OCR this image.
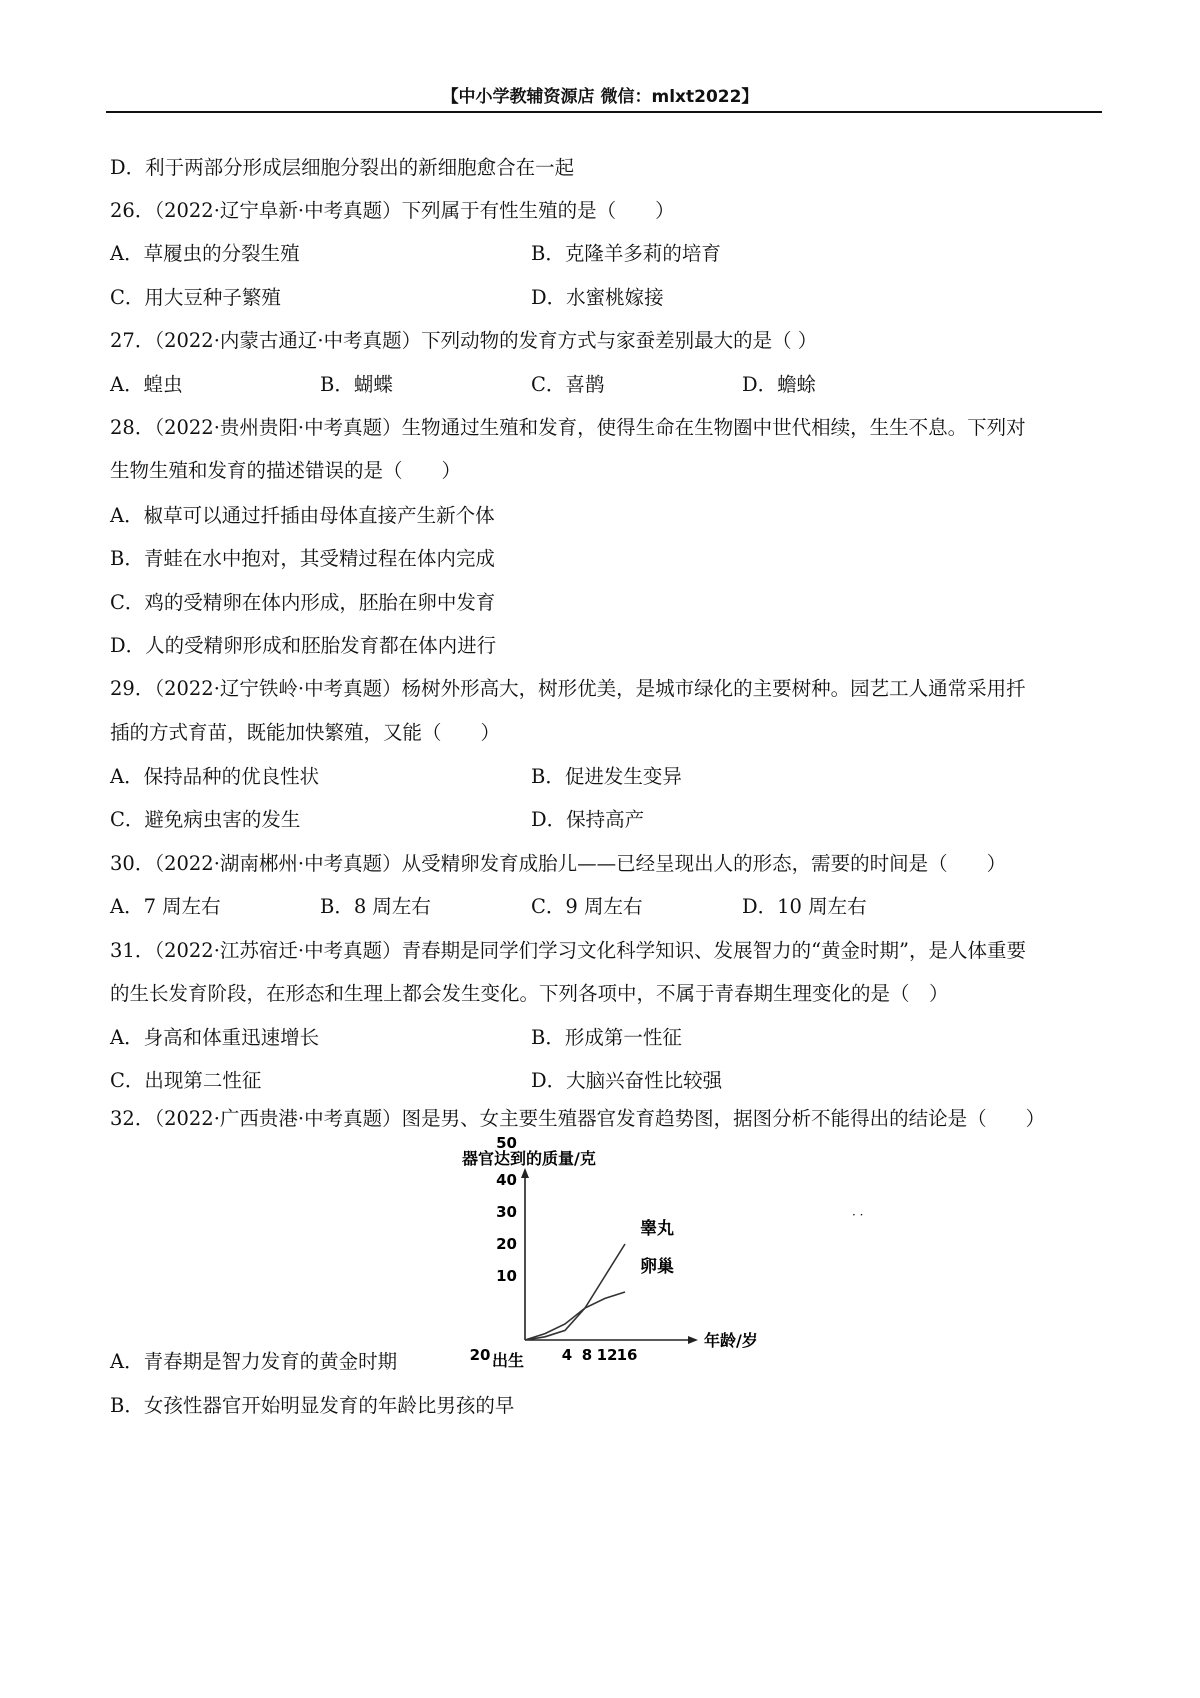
【中小学教辅资源店 微信：mlxt2022】
D．利于两部分形成层细胞分裂出的新细胞愈合在一起
26．（2022·辽宁阜新·中考真题）下列属于有性生殖的是（　　）
A．草履虫的分裂生殖	B．克隆羊多莉的培育
C．用大豆种子繁殖	D．水蜜桃嫁接
27．（2022·内蒙古通辽·中考真题）下列动物的发育方式与家蚕差别最大的是（ ）
A．蝗虫	B．蝴蝶	C．喜鹊	D．蟾蜍
28．（2022·贵州贵阳·中考真题）生物通过生殖和发育，使得生命在生物圈中世代相续，生生不息。下列对
生物生殖和发育的描述错误的是（　　）
A．椒草可以通过扦插由母体直接产生新个体
B．青蛙在水中抱对，其受精过程在体内完成
C．鸡的受精卵在体内形成，胚胎在卵中发育
D．人的受精卵形成和胚胎发育都在体内进行
29．（2022·辽宁铁岭·中考真题）杨树外形高大，树形优美，是城市绿化的主要树种。园艺工人通常采用扦
插的方式育苗，既能加快繁殖，又能（　　）
A．保持品种的优良性状	B．促进发生变异
C．避免病虫害的发生	D．保持高产
30．（2022·湖南郴州·中考真题）从受精卵发育成胎儿——已经呈现出人的形态，需要的时间是（　　）
A．7 周左右	B．8 周左右	C．9 周左右	D．10 周左右
31．（2022·江苏宿迁·中考真题）青春期是同学们学习文化科学知识、发展智力的“黄金时期”，是人体重要
的生长发育阶段，在形态和生理上都会发生变化。下列各项中，不属于青春期生理变化的是（　）
A．身高和体重迅速增长	B．形成第一性征
C．出现第二性征	D．大脑兴奋性比较强
32．（2022·广西贵港·中考真题）图是男、女主要生殖器官发育趋势图，据图分析不能得出的结论是（　　）
· ·
器官达到的质量/克
年龄/岁
出生
10
20
30
40
50
4 8 12 16
20
睾丸
卵巢
A．青春期是智力发育的黄金时期
B．女孩性器官开始明显发育的年龄比男孩的早
